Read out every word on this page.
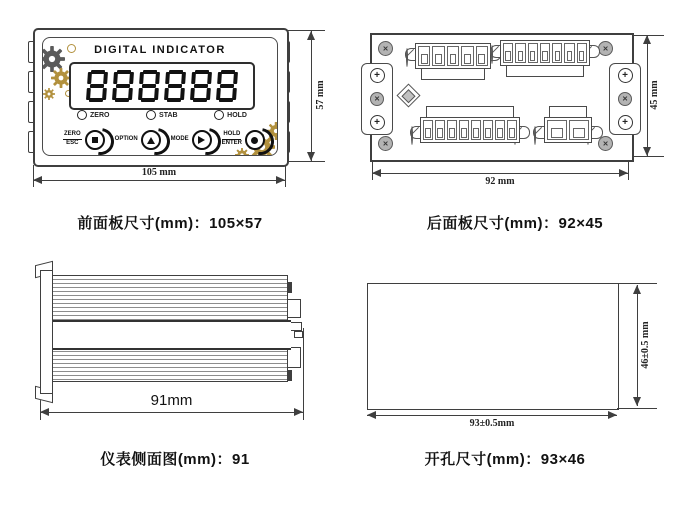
DIGITAL INDICATOR
ZERO	STAB	HOLD
ZERO
ESC
OPTION	MODE
HOLD
ENTER
105 mm
57 mm
前面板尺寸(mm)：105×57
✕	✕
✕	✕
+
✕
+
+
✕
+
92 mm
45 mm
后面板尺寸(mm)：92×45
91mm
仪表侧面图(mm)：91
46±0.5 mm
93±0.5mm
开孔尺寸(mm)：93×46
